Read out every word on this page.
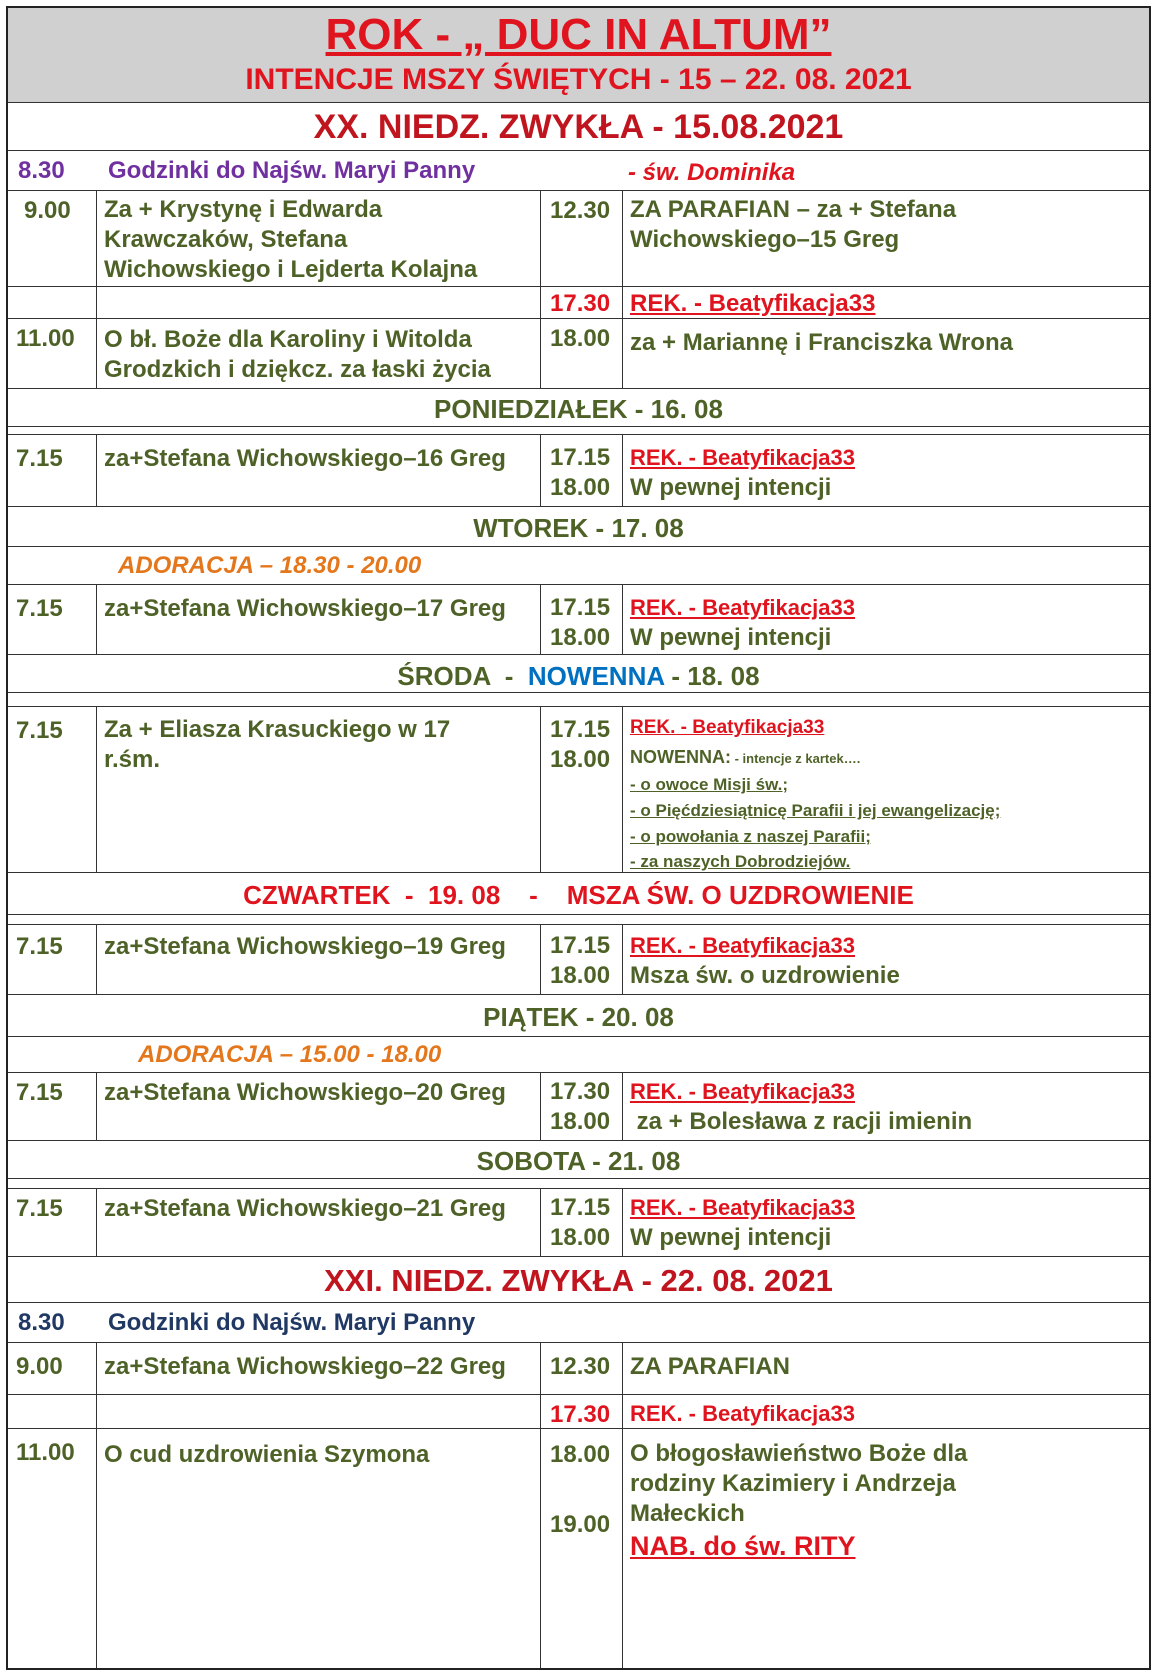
ROK - „ DUC IN ALTUM”
INTENCJE MSZY ŚWIĘTYCH - 15 – 22. 08. 2021
XX. NIEDZ. ZWYKŁA - 15.08.2021
8.30 Godzinki do Najśw. Maryi Panny	- św. Dominika
9.00 Za + Krystynę i Edwarda
Krawczaków, Stefana
Wichowskiego i Lejderta Kolajna
12.30 ZA PARAFIAN – za + Stefana
Wichowskiego–15 Greg
17.30 REK. - Beatyfikacja33
11.00 O bł. Boże dla Karoliny i Witolda
Grodzkich i dziękcz. za łaski życia
18.00 za + Mariannę i Franciszka Wrona
PONIEDZIAŁEK - 16. 08
7.15 za+Stefana Wichowskiego–16 Greg 17.15
18.00
REK. - Beatyfikacja33
W pewnej intencji
WTOREK - 17. 08
ADORACJA – 18.30 - 20.00
7.15 za+Stefana Wichowskiego–17 Greg 17.15
18.00
REK. - Beatyfikacja33
W pewnej intencji
ŚRODA  -  NOWENNA - 18. 08
7.15 Za + Eliasza Krasuckiego w 17
r.śm.
17.15
18.00
REK. - Beatyfikacja33
NOWENNA: - intencje z kartek….
- o owoce Misji św.;
- o Pięćdziesiątnicę Parafii i jej ewangelizację;
- o powołania z naszej Parafii;
- za naszych Dobrodziejów.
CZWARTEK  -  19. 08    -    MSZA ŚW. O UZDROWIENIE
7.15 za+Stefana Wichowskiego–19 Greg 17.15
18.00
REK. - Beatyfikacja33
Msza św. o uzdrowienie
PIĄTEK - 20. 08
ADORACJA – 15.00 - 18.00
7.15 za+Stefana Wichowskiego–20 Greg 17.30
18.00
REK. - Beatyfikacja33
za + Bolesława z racji imienin
SOBOTA - 21. 08
7.15 za+Stefana Wichowskiego–21 Greg 17.15
18.00
REK. - Beatyfikacja33
W pewnej intencji
XXI. NIEDZ. ZWYKŁA - 22. 08. 2021
8.30 Godzinki do Najśw. Maryi Panny
9.00 za+Stefana Wichowskiego–22 Greg 12.30 ZA PARAFIAN
17.30 REK. - Beatyfikacja33
11.00 O cud uzdrowienia Szymona	18.00
19.00
O błogosławieństwo Boże dla
rodziny Kazimiery i Andrzeja
Małeckich
NAB. do św. RITY
